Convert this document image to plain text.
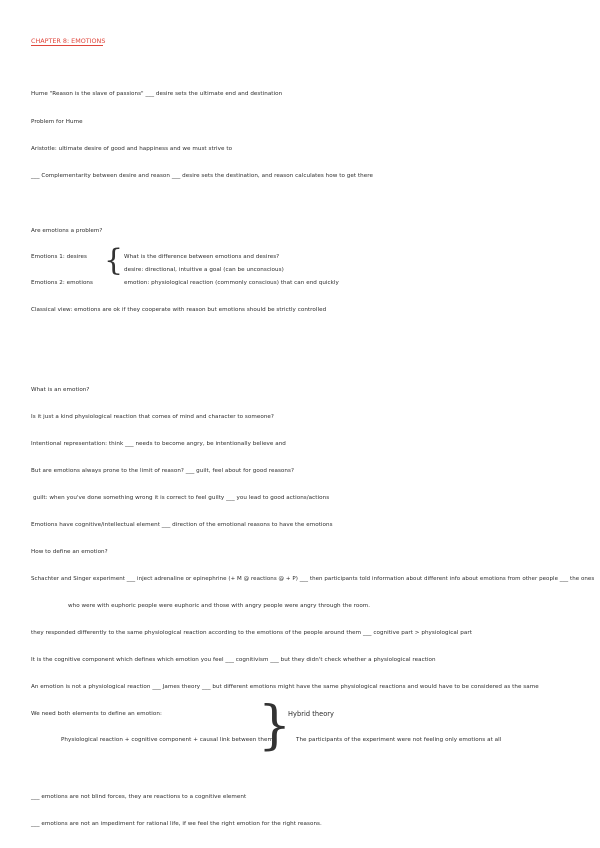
CHAPTER 8: EMOTIONS
Hume "Reason is the slave of passions" ___ desire sets the ultimate end and destination
Problem for Hume
Aristotle: ultimate desire of good and happiness and we must strive to
___ Complementarity between desire and reason ___ desire sets the destination, and reason calculates how to get there
Are emotions a problem?
Emotions 1: desires
Emotions 2: emotions
{ What is the difference between emotions and desires?
desire: directional, intuitive a goal (can be unconscious)
emotion: physiological reaction (commonly conscious) that can end quickly
Classical view: emotions are ok if they cooperate with reason but emotions should be strictly controlled
What is an emotion?
Is it just a kind physiological reaction that comes of mind and character to someone?
Intentional representation: think ___ needs to become angry, be intentionally believe and
But are emotions always prone to the limit of reason? ___ guilt, feel about for good reasons?
guilt: when you've done something wrong it is correct to feel guilty ___ you lead to good actions/actions
Emotions have cognitive/intellectual element ___ direction of the emotional reasons to have the emotions
How to define an emotion?
Schachter and Singer experiment ___ inject adrenaline or epinephrine (+ M @ reactions @ + P) ___ then participants told information about different info about emotions from other people ___ the ones
who were with euphoric people were euphoric and those with angry people were angry through the room.
they responded differently to the same physiological reaction according to the emotions of the people around them ___ cognitive part > physiological part
It is the cognitive component which defines which emotion you feel ___ cognitivism ___ but they didn't check whether a physiological reaction
An emotion is not a physiological reaction ___ James theory ___ but different emotions might have the same physiological reactions and would have to be considered as the same
We need both elements to define an emotion:
Physiological reaction + cognitive component + causal link between them
{
Hybrid theory
The participants of the experiment were not feeling only emotions at all
___ emotions are not blind forces, they are reactions to a cognitive element
___ emotions are not an impediment for rational life, if we feel the right emotion for the right reasons.
